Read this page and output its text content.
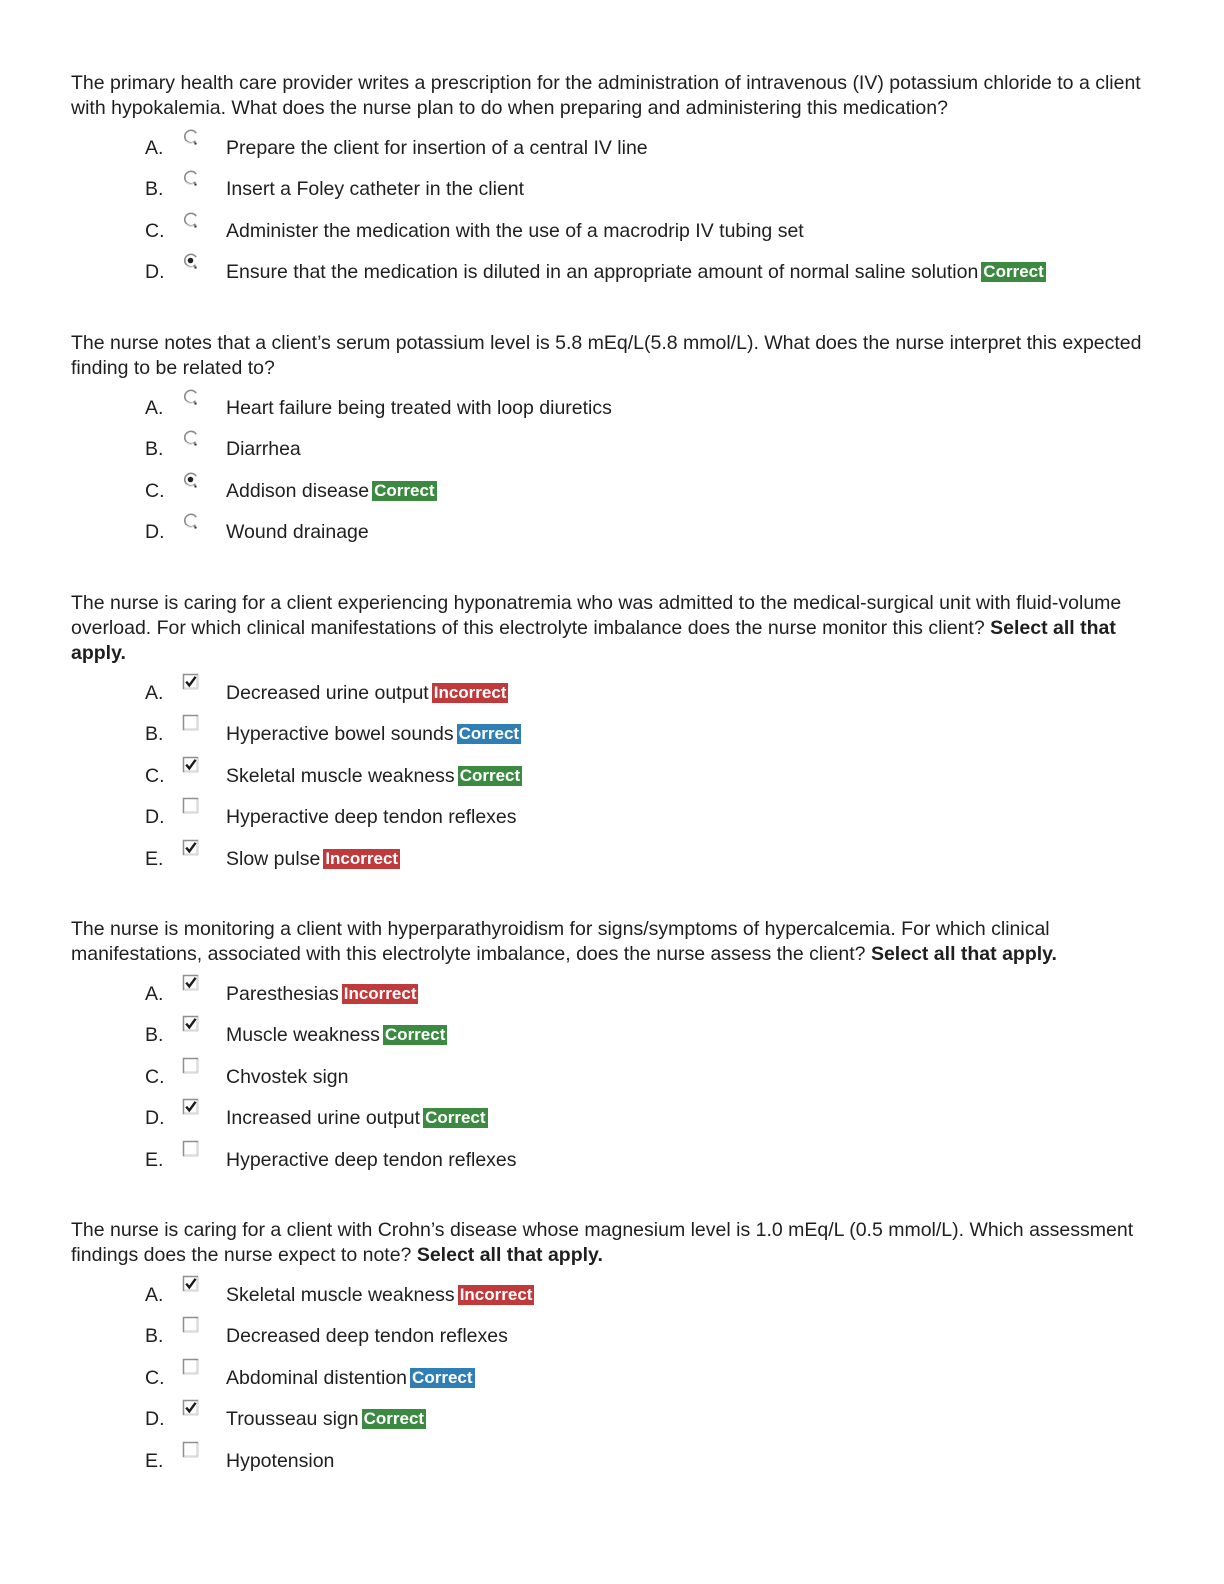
The primary health care provider writes a prescription for the administration of intravenous (IV) potassium chloride to a client with hypokalemia. What does the nurse plan to do when preparing and administering this medication?

A.	Prepare the client for insertion of a central IV line
B.	Insert a Foley catheter in the client
C.	Administer the medication with the use of a macrodrip IV tubing set
D.	Ensure that the medication is diluted in an appropriate amount of normal saline solution Correct

The nurse notes that a client’s serum potassium level is 5.8 mEq/L(5.8 mmol/L). What does the nurse interpret this expected finding to be related to?

A.	Heart failure being treated with loop diuretics
B.	Diarrhea
C.	Addison disease Correct
D.	Wound drainage

The nurse is caring for a client experiencing hyponatremia who was admitted to the medical-surgical unit with fluid-volume overload. For which clinical manifestations of this electrolyte imbalance does the nurse monitor this client? Select all that apply.

A.	Decreased urine output Incorrect
B.	Hyperactive bowel sounds Correct
C.	Skeletal muscle weakness Correct
D.	Hyperactive deep tendon reflexes
E.	Slow pulse Incorrect

The nurse is monitoring a client with hyperparathyroidism for signs/symptoms of hypercalcemia. For which clinical manifestations, associated with this electrolyte imbalance, does the nurse assess the client? Select all that apply.

A.	Paresthesias Incorrect
B.	Muscle weakness Correct
C.	Chvostek sign
D.	Increased urine output Correct
E.	Hyperactive deep tendon reflexes

The nurse is caring for a client with Crohn’s disease whose magnesium level is 1.0 mEq/L (0.5 mmol/L). Which assessment findings does the nurse expect to note? Select all that apply.

A.	Skeletal muscle weakness Incorrect
B.	Decreased deep tendon reflexes
C.	Abdominal distention Correct
D.	Trousseau sign Correct
E.	Hypotension
